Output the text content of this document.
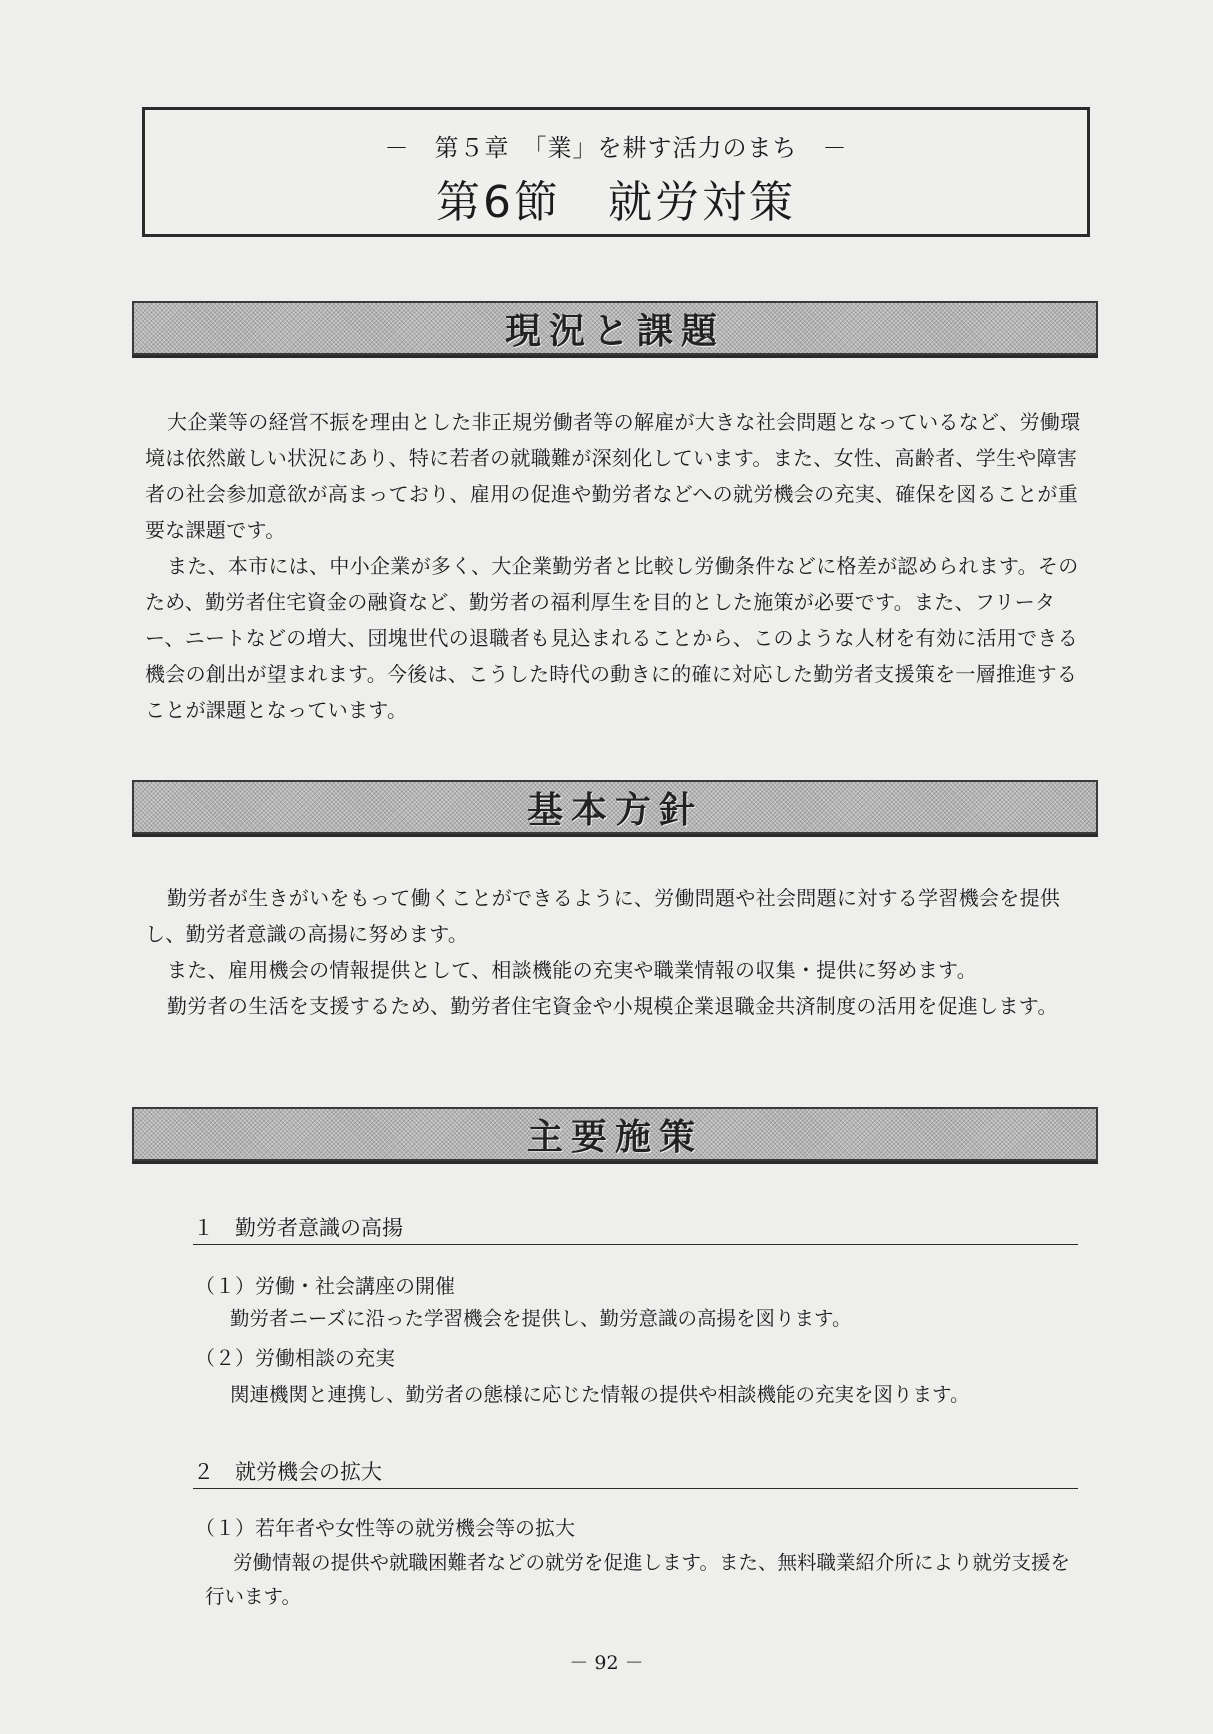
－　第５章　「業」を耕す活力のまち　－
第6節　就労対策
現況と課題

大企業等の経営不振を理由とした非正規労働者等の解雇が大きな社会問題となっているなど、労働環境は依然厳しい状況にあり、特に若者の就職難が深刻化しています。また、女性、高齢者、学生や障害者の社会参加意欲が高まっており、雇用の促進や勤労者などへの就労機会の充実、確保を図ることが重要な課題です。

また、本市には、中小企業が多く、大企業勤労者と比較し労働条件などに格差が認められます。そのため、勤労者住宅資金の融資など、勤労者の福利厚生を目的とした施策が必要です。また、フリーター、ニートなどの増大、団塊世代の退職者も見込まれることから、このような人材を有効に活用できる機会の創出が望まれます。今後は、こうした時代の動きに的確に対応した勤労者支援策を一層推進することが課題となっています。

基本方針

勤労者が生きがいをもって働くことができるように、労働問題や社会問題に対する学習機会を提供し、勤労者意識の高揚に努めます。

また、雇用機会の情報提供として、相談機能の充実や職業情報の収集・提供に努めます。

勤労者の生活を支援するため、勤労者住宅資金や小規模企業退職金共済制度の活用を促進します。

主要施策
１ 勤労者意識の高揚
（１）労働・社会講座の開催
勤労者ニーズに沿った学習機会を提供し、勤労意識の高揚を図ります。
（２）労働相談の充実
関連機関と連携し、勤労者の態様に応じた情報の提供や相談機能の充実を図ります。
２ 就労機会の拡大
（１）若年者や女性等の就労機会等の拡大

労働情報の提供や就職困難者などの就労を促進します。また、無料職業紹介所により就労支援を行います。

－ 92 －
